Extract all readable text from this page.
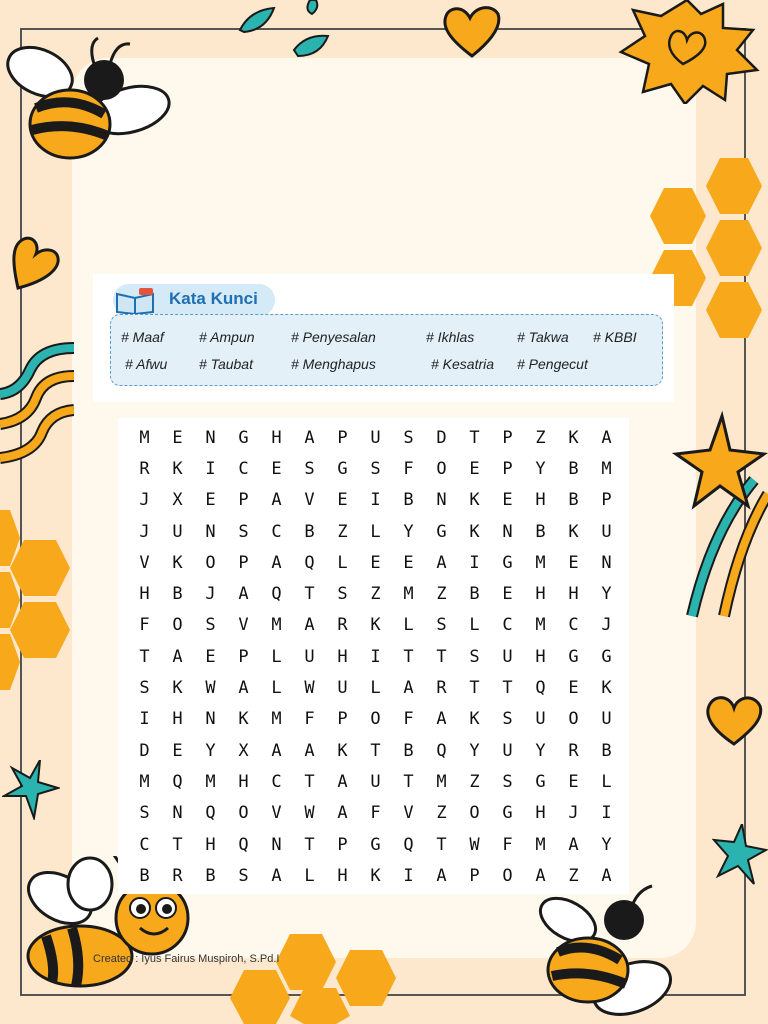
Kata Kunci
# Maaf	# Ampun	# Penyesalan	# Ikhlas	# Takwa # KBBI
# Afwu # Taubat	# Menghapus	# Kesatria # Pengecut
M	E	N	G	H	A	P	U	S	D	T	P	Z	K	A
R	K	I	C	E	S	G	S	F	O	E	P	Y	B	M
J	X	E	P	A	V	E	I	B	N	K	E	H	B	P
J	U	N	S	C	B	Z	L	Y	G	K	N	B	K	U
V	K	O	P	A	Q	L	E	E	A	I	G	M	E	N
H	B	J	A	Q	T	S	Z	M	Z	B	E	H	H	Y
F	O	S	V	M	A	R	K	L	S	L	C	M	C	J
T	A	E	P	L	U	H	I	T	T	S	U	H	G	G
S	K	W	A	L	W	U	L	A	R	T	T	Q	E	K
I	H	N	K	M	F	P	O	F	A	K	S	U	O	U
D	E	Y	X	A	A	K	T	B	Q	Y	U	Y	R	B
M	Q	M	H	C	T	A	U	T	M	Z	S	G	E	L
S	N	Q	O	V	W	A	F	V	Z	O	G	H	J	I
C	T	H	Q	N	T	P	G	Q	T	W	F	M	A	Y
B	R	B	S	A	L	H	K	I	A	P	O	A	Z	A
Created : Iyus Fairus Muspiroh, S.Pd.I
